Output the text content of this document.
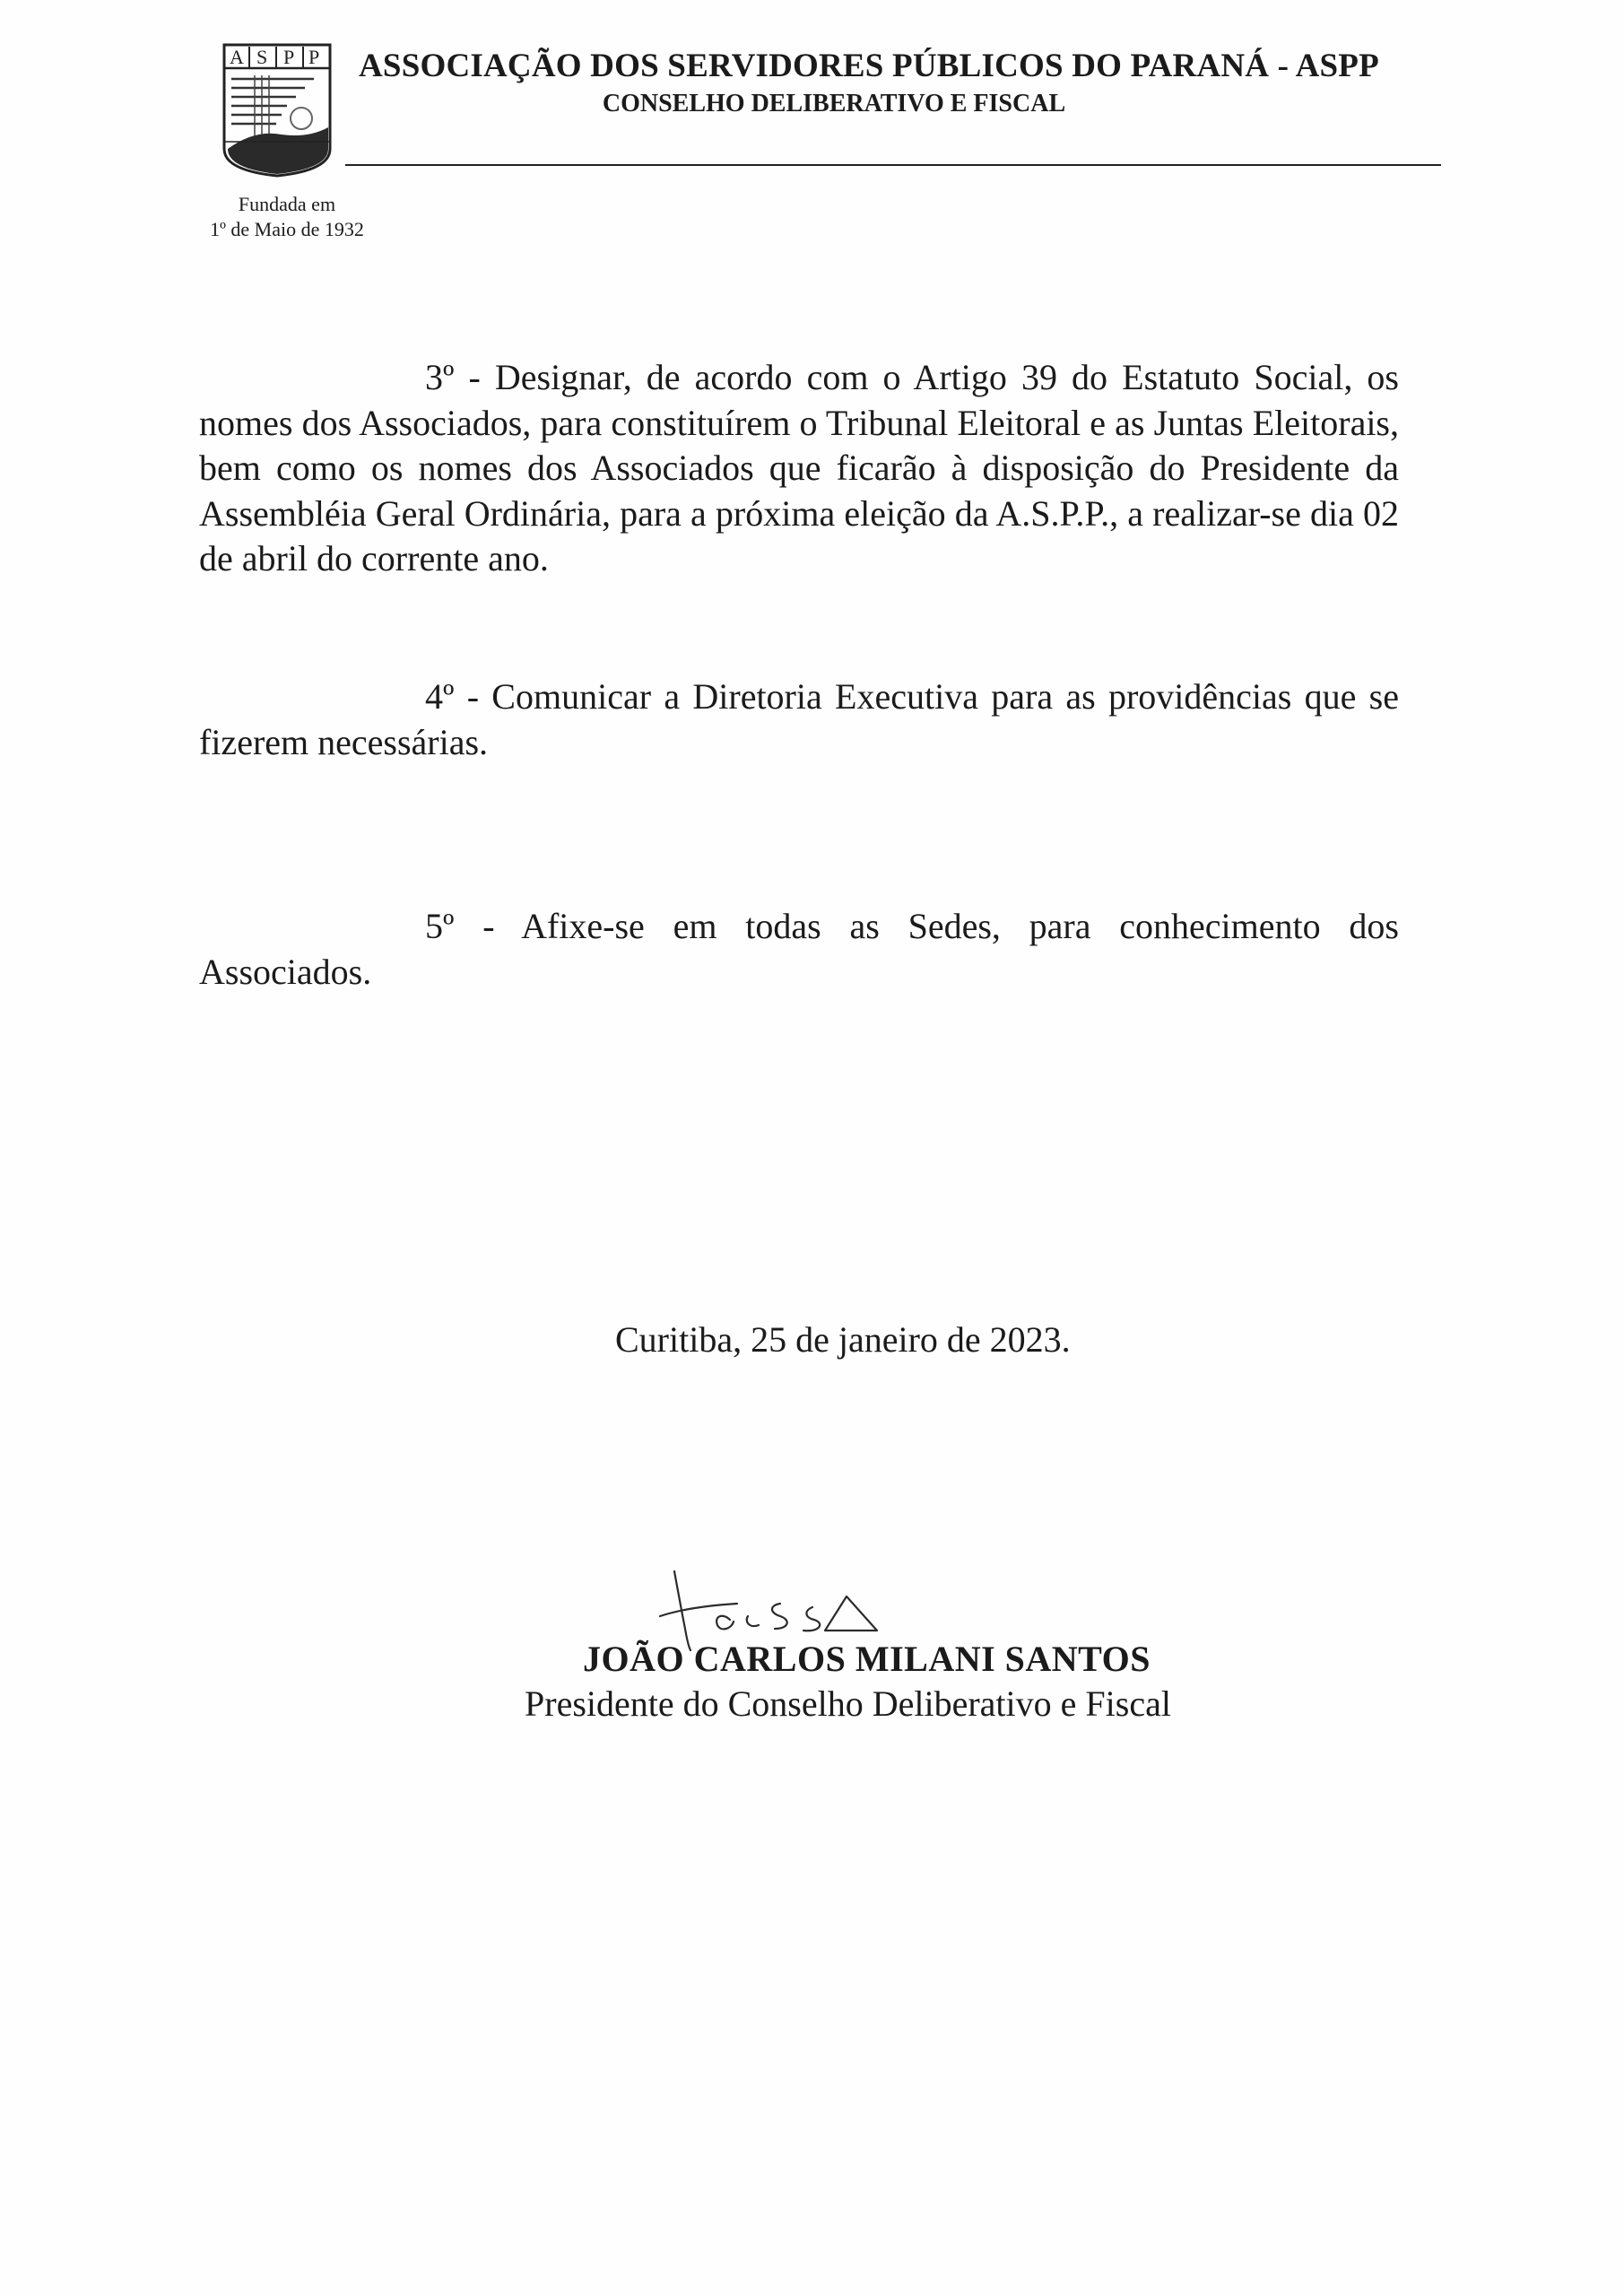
A S P P ASSOCIAÇÃO DOS SERVIDORES PÚBLICOS DO PARANÁ - ASPP
CONSELHO DELIBERATIVO E FISCAL
Fundada em
1º de Maio de 1932
3º - Designar, de acordo com o Artigo 39 do Estatuto Social, os nomes dos Associados, para constituírem o Tribunal Eleitoral e as Juntas Eleitorais, bem como os nomes dos Associados que ficarão à disposição do Presidente da Assembléia Geral Ordinária, para a próxima eleição da A.S.P.P., a realizar-se dia 02 de abril do corrente ano.
4º - Comunicar a Diretoria Executiva para as providências que se fizerem necessárias.
5º - Afixe-se em todas as Sedes, para conhecimento dos Associados.
Curitiba, 25 de janeiro de 2023.
JOÃO CARLOS MILANI SANTOS
Presidente do Conselho Deliberativo e Fiscal
